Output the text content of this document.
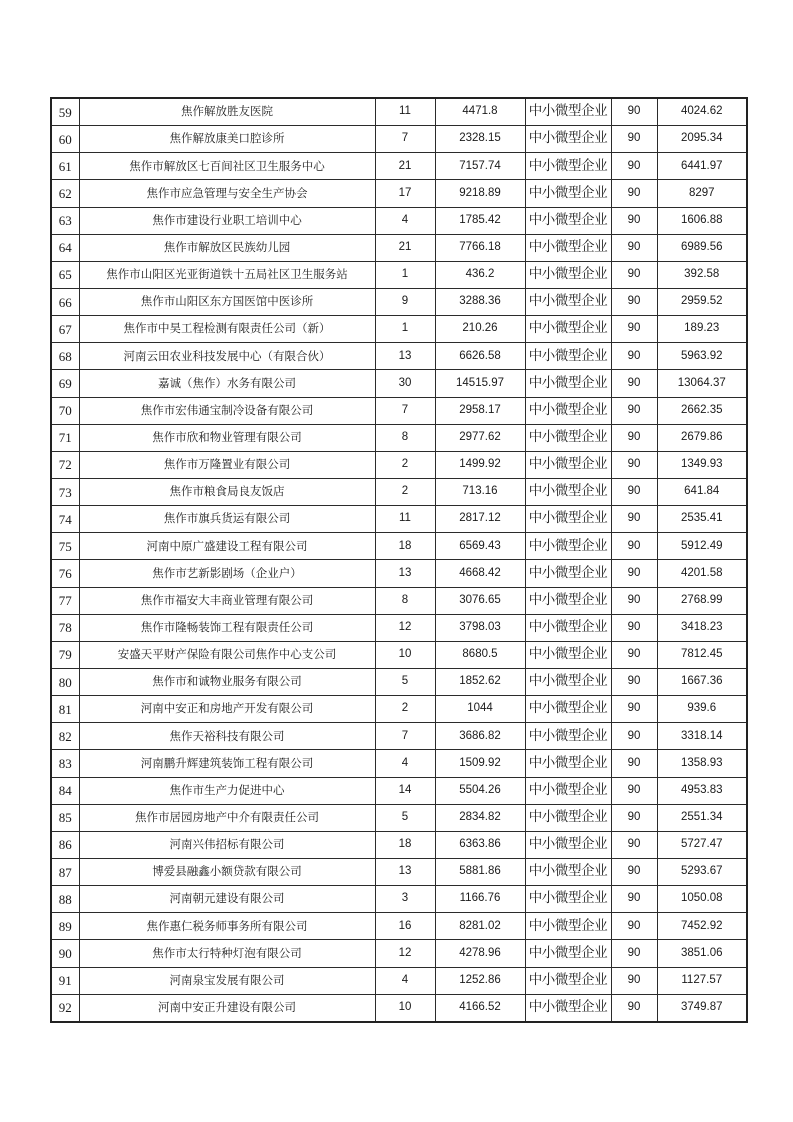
59	焦作解放胜友医院	11	4471.8	中小微型企业	90	4024.62
60	焦作解放康美口腔诊所	7	2328.15	中小微型企业	90	2095.34
61	焦作市解放区七百间社区卫生服务中心	21	7157.74	中小微型企业	90	6441.97
62	焦作市应急管理与安全生产协会	17	9218.89	中小微型企业	90	8297
63	焦作市建设行业职工培训中心	4	1785.42	中小微型企业	90	1606.88
64	焦作市解放区民族幼儿园	21	7766.18	中小微型企业	90	6989.56
65	焦作市山阳区光亚街道铁十五局社区卫生服务站	1	436.2	中小微型企业	90	392.58
66	焦作市山阳区东方国医馆中医诊所	9	3288.36	中小微型企业	90	2959.52
67	焦作市中昊工程检测有限责任公司（新）	1	210.26	中小微型企业	90	189.23
68	河南云田农业科技发展中心（有限合伙）	13	6626.58	中小微型企业	90	5963.92
69	嘉诚（焦作）水务有限公司	30	14515.97	中小微型企业	90	13064.37
70	焦作市宏伟通宝制冷设备有限公司	7	2958.17	中小微型企业	90	2662.35
71	焦作市欣和物业管理有限公司	8	2977.62	中小微型企业	90	2679.86
72	焦作市万隆置业有限公司	2	1499.92	中小微型企业	90	1349.93
73	焦作市粮食局良友饭店	2	713.16	中小微型企业	90	641.84
74	焦作市旗兵货运有限公司	11	2817.12	中小微型企业	90	2535.41
75	河南中原广盛建设工程有限公司	18	6569.43	中小微型企业	90	5912.49
76	焦作市艺新影剧场（企业户）	13	4668.42	中小微型企业	90	4201.58
77	焦作市福安大丰商业管理有限公司	8	3076.65	中小微型企业	90	2768.99
78	焦作市隆畅装饰工程有限责任公司	12	3798.03	中小微型企业	90	3418.23
79	安盛天平财产保险有限公司焦作中心支公司	10	8680.5	中小微型企业	90	7812.45
80	焦作市和诚物业服务有限公司	5	1852.62	中小微型企业	90	1667.36
81	河南中安正和房地产开发有限公司	2	1044	中小微型企业	90	939.6
82	焦作天裕科技有限公司	7	3686.82	中小微型企业	90	3318.14
83	河南鹏升辉建筑装饰工程有限公司	4	1509.92	中小微型企业	90	1358.93
84	焦作市生产力促进中心	14	5504.26	中小微型企业	90	4953.83
85	焦作市居园房地产中介有限责任公司	5	2834.82	中小微型企业	90	2551.34
86	河南兴伟招标有限公司	18	6363.86	中小微型企业	90	5727.47
87	博爱县融鑫小额贷款有限公司	13	5881.86	中小微型企业	90	5293.67
88	河南朝元建设有限公司	3	1166.76	中小微型企业	90	1050.08
89	焦作惠仁税务师事务所有限公司	16	8281.02	中小微型企业	90	7452.92
90	焦作市太行特种灯泡有限公司	12	4278.96	中小微型企业	90	3851.06
91	河南泉宝发展有限公司	4	1252.86	中小微型企业	90	1127.57
92	河南中安正升建设有限公司	10	4166.52	中小微型企业	90	3749.87
